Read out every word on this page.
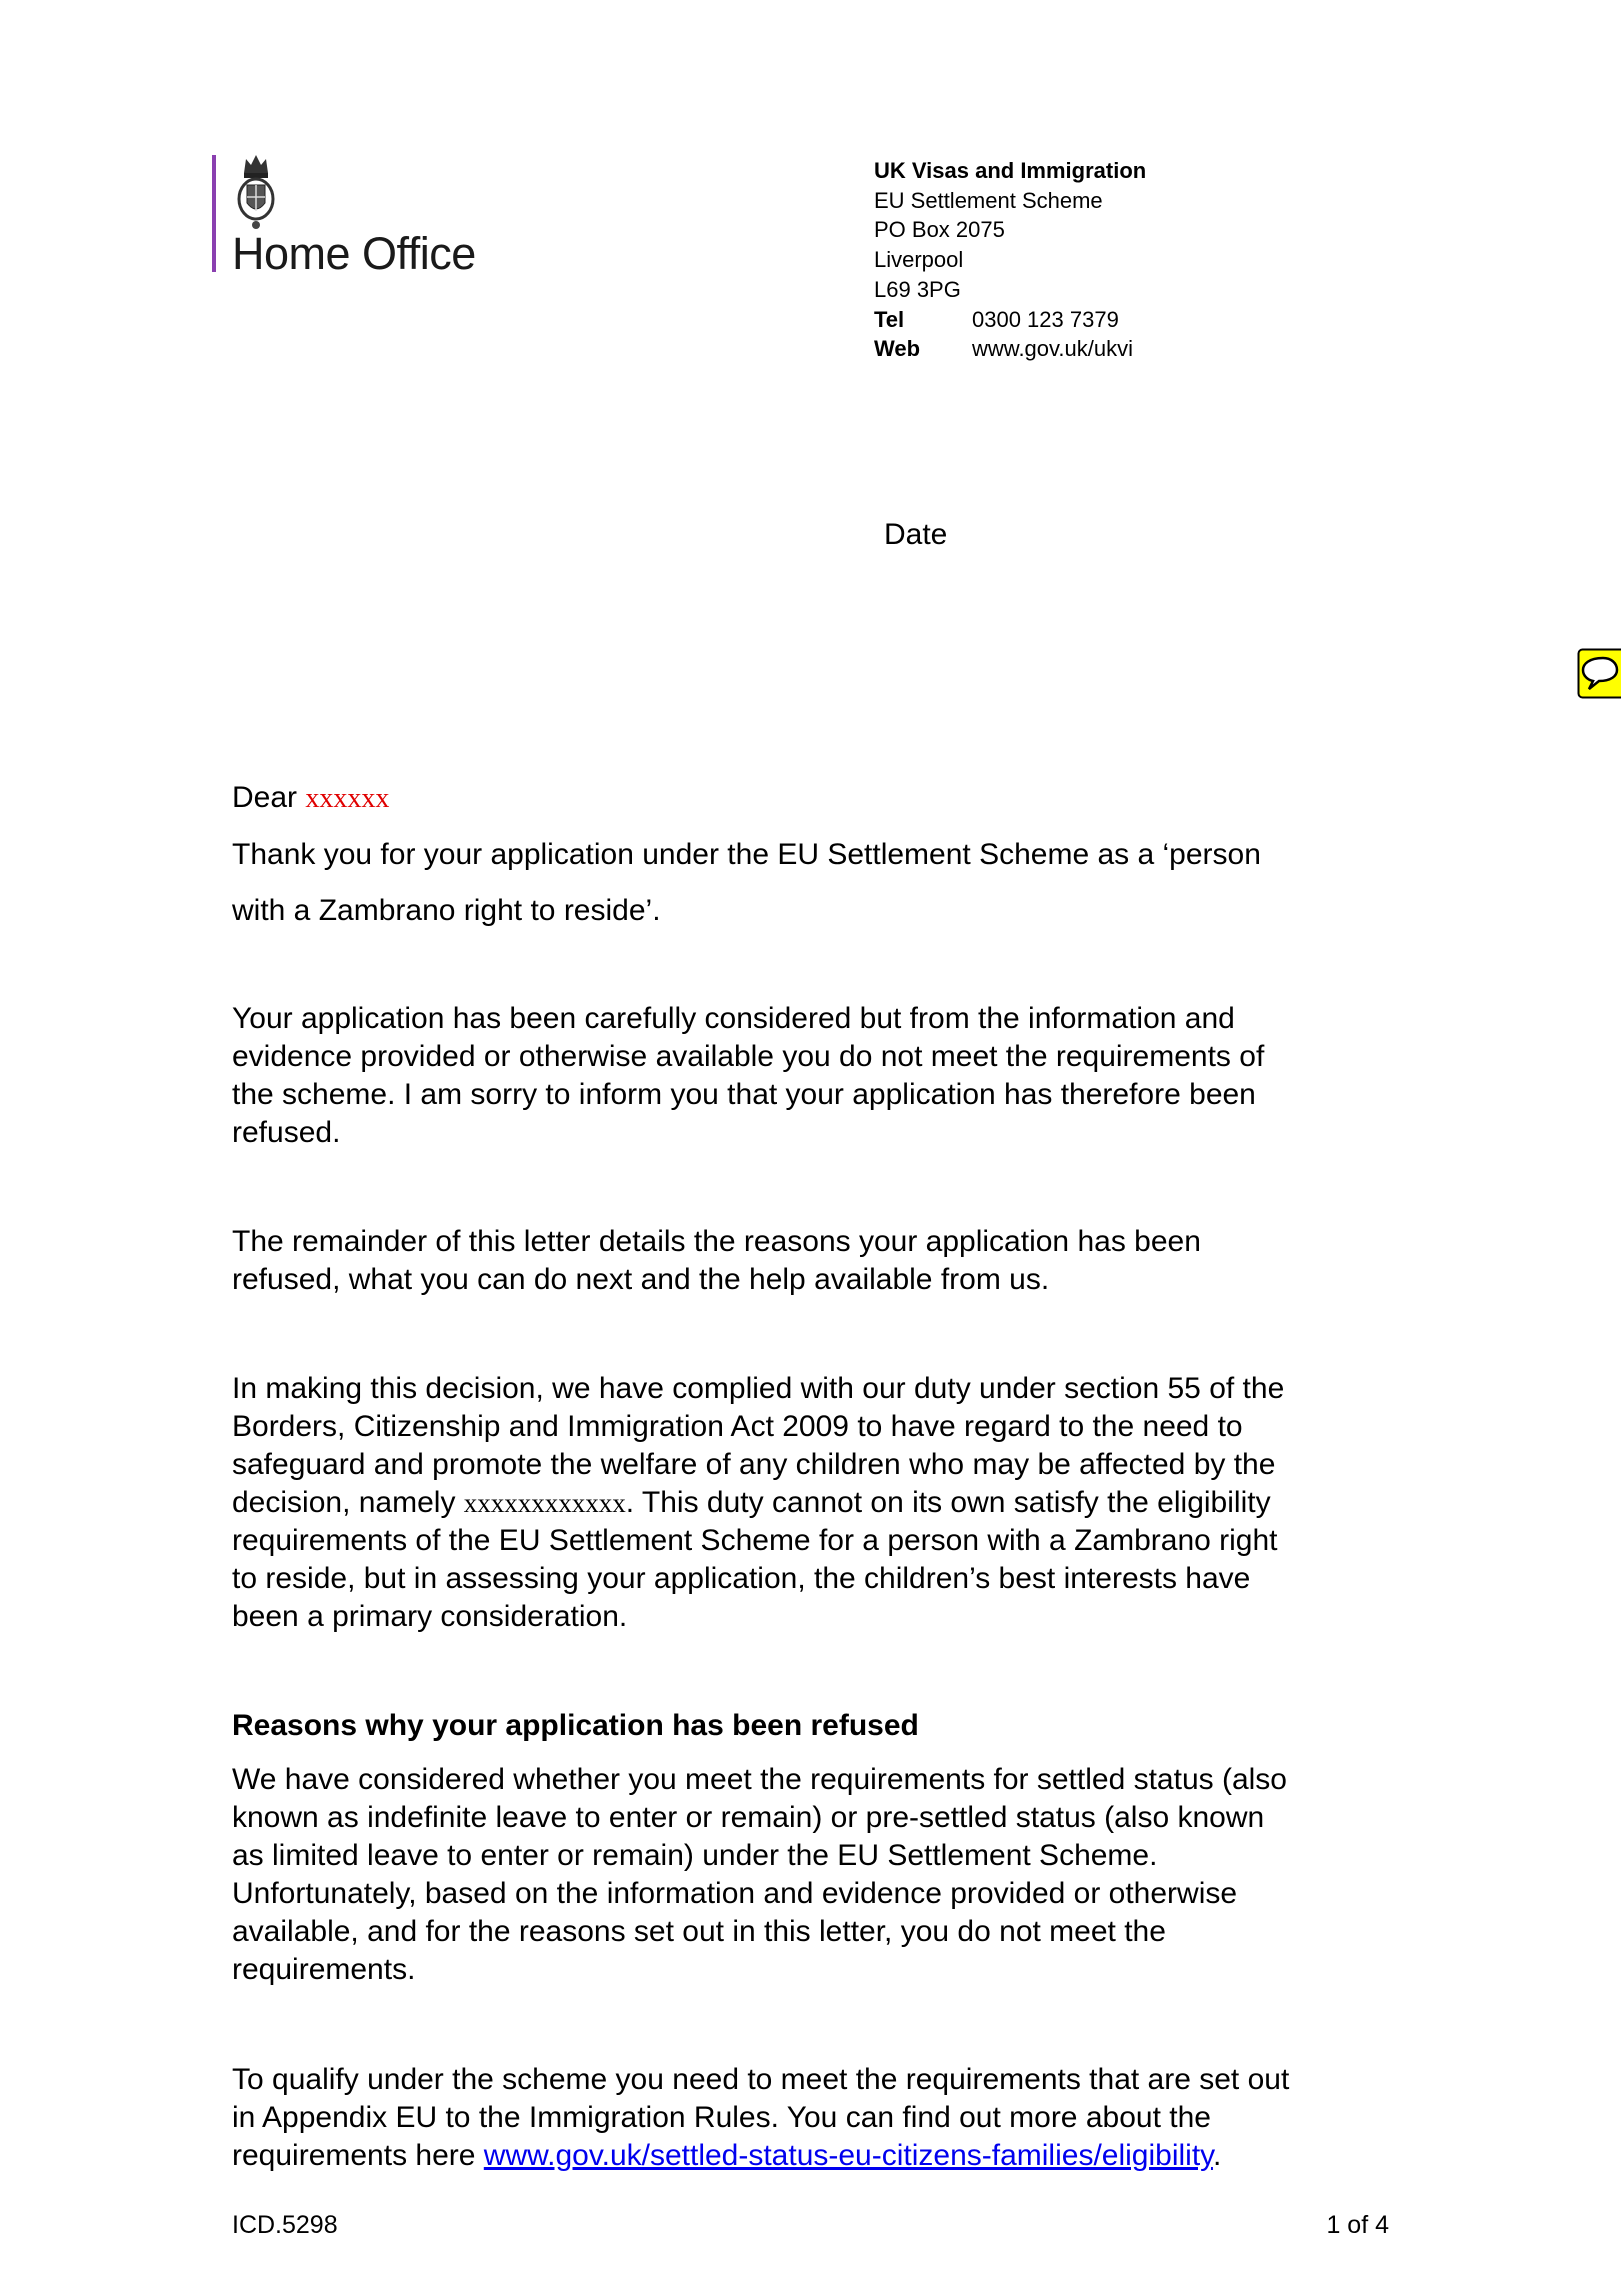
Home Office
UK Visas and Immigration
EU Settlement Scheme
PO Box 2075
Liverpool
L69 3PG
Tel	0300 123 7379
Web www.gov.uk/ukvi
Date
Dear xxxxxx
Thank you for your application under the EU Settlement Scheme as a ‘person
with a Zambrano right to reside’.
Your application has been carefully considered but from the information and
evidence provided or otherwise available you do not meet the requirements of
the scheme. I am sorry to inform you that your application has therefore been
refused.
The remainder of this letter details the reasons your application has been
refused, what you can do next and the help available from us.
In making this decision, we have complied with our duty under section 55 of the
Borders, Citizenship and Immigration Act 2009 to have regard to the need to
safeguard and promote the welfare of any children who may be affected by the
decision, namely xxxxxxxxxxxx. This duty cannot on its own satisfy the eligibility
requirements of the EU Settlement Scheme for a person with a Zambrano right
to reside, but in assessing your application, the children’s best interests have
been a primary consideration.
Reasons why your application has been refused
We have considered whether you meet the requirements for settled status (also
known as indefinite leave to enter or remain) or pre-settled status (also known
as limited leave to enter or remain) under the EU Settlement Scheme.
Unfortunately, based on the information and evidence provided or otherwise
available, and for the reasons set out in this letter, you do not meet the
requirements.
To qualify under the scheme you need to meet the requirements that are set out
in Appendix EU to the Immigration Rules. You can find out more about the
requirements here www.gov.uk/settled-status-eu-citizens-families/eligibility.
ICD.5298	1 of 4
